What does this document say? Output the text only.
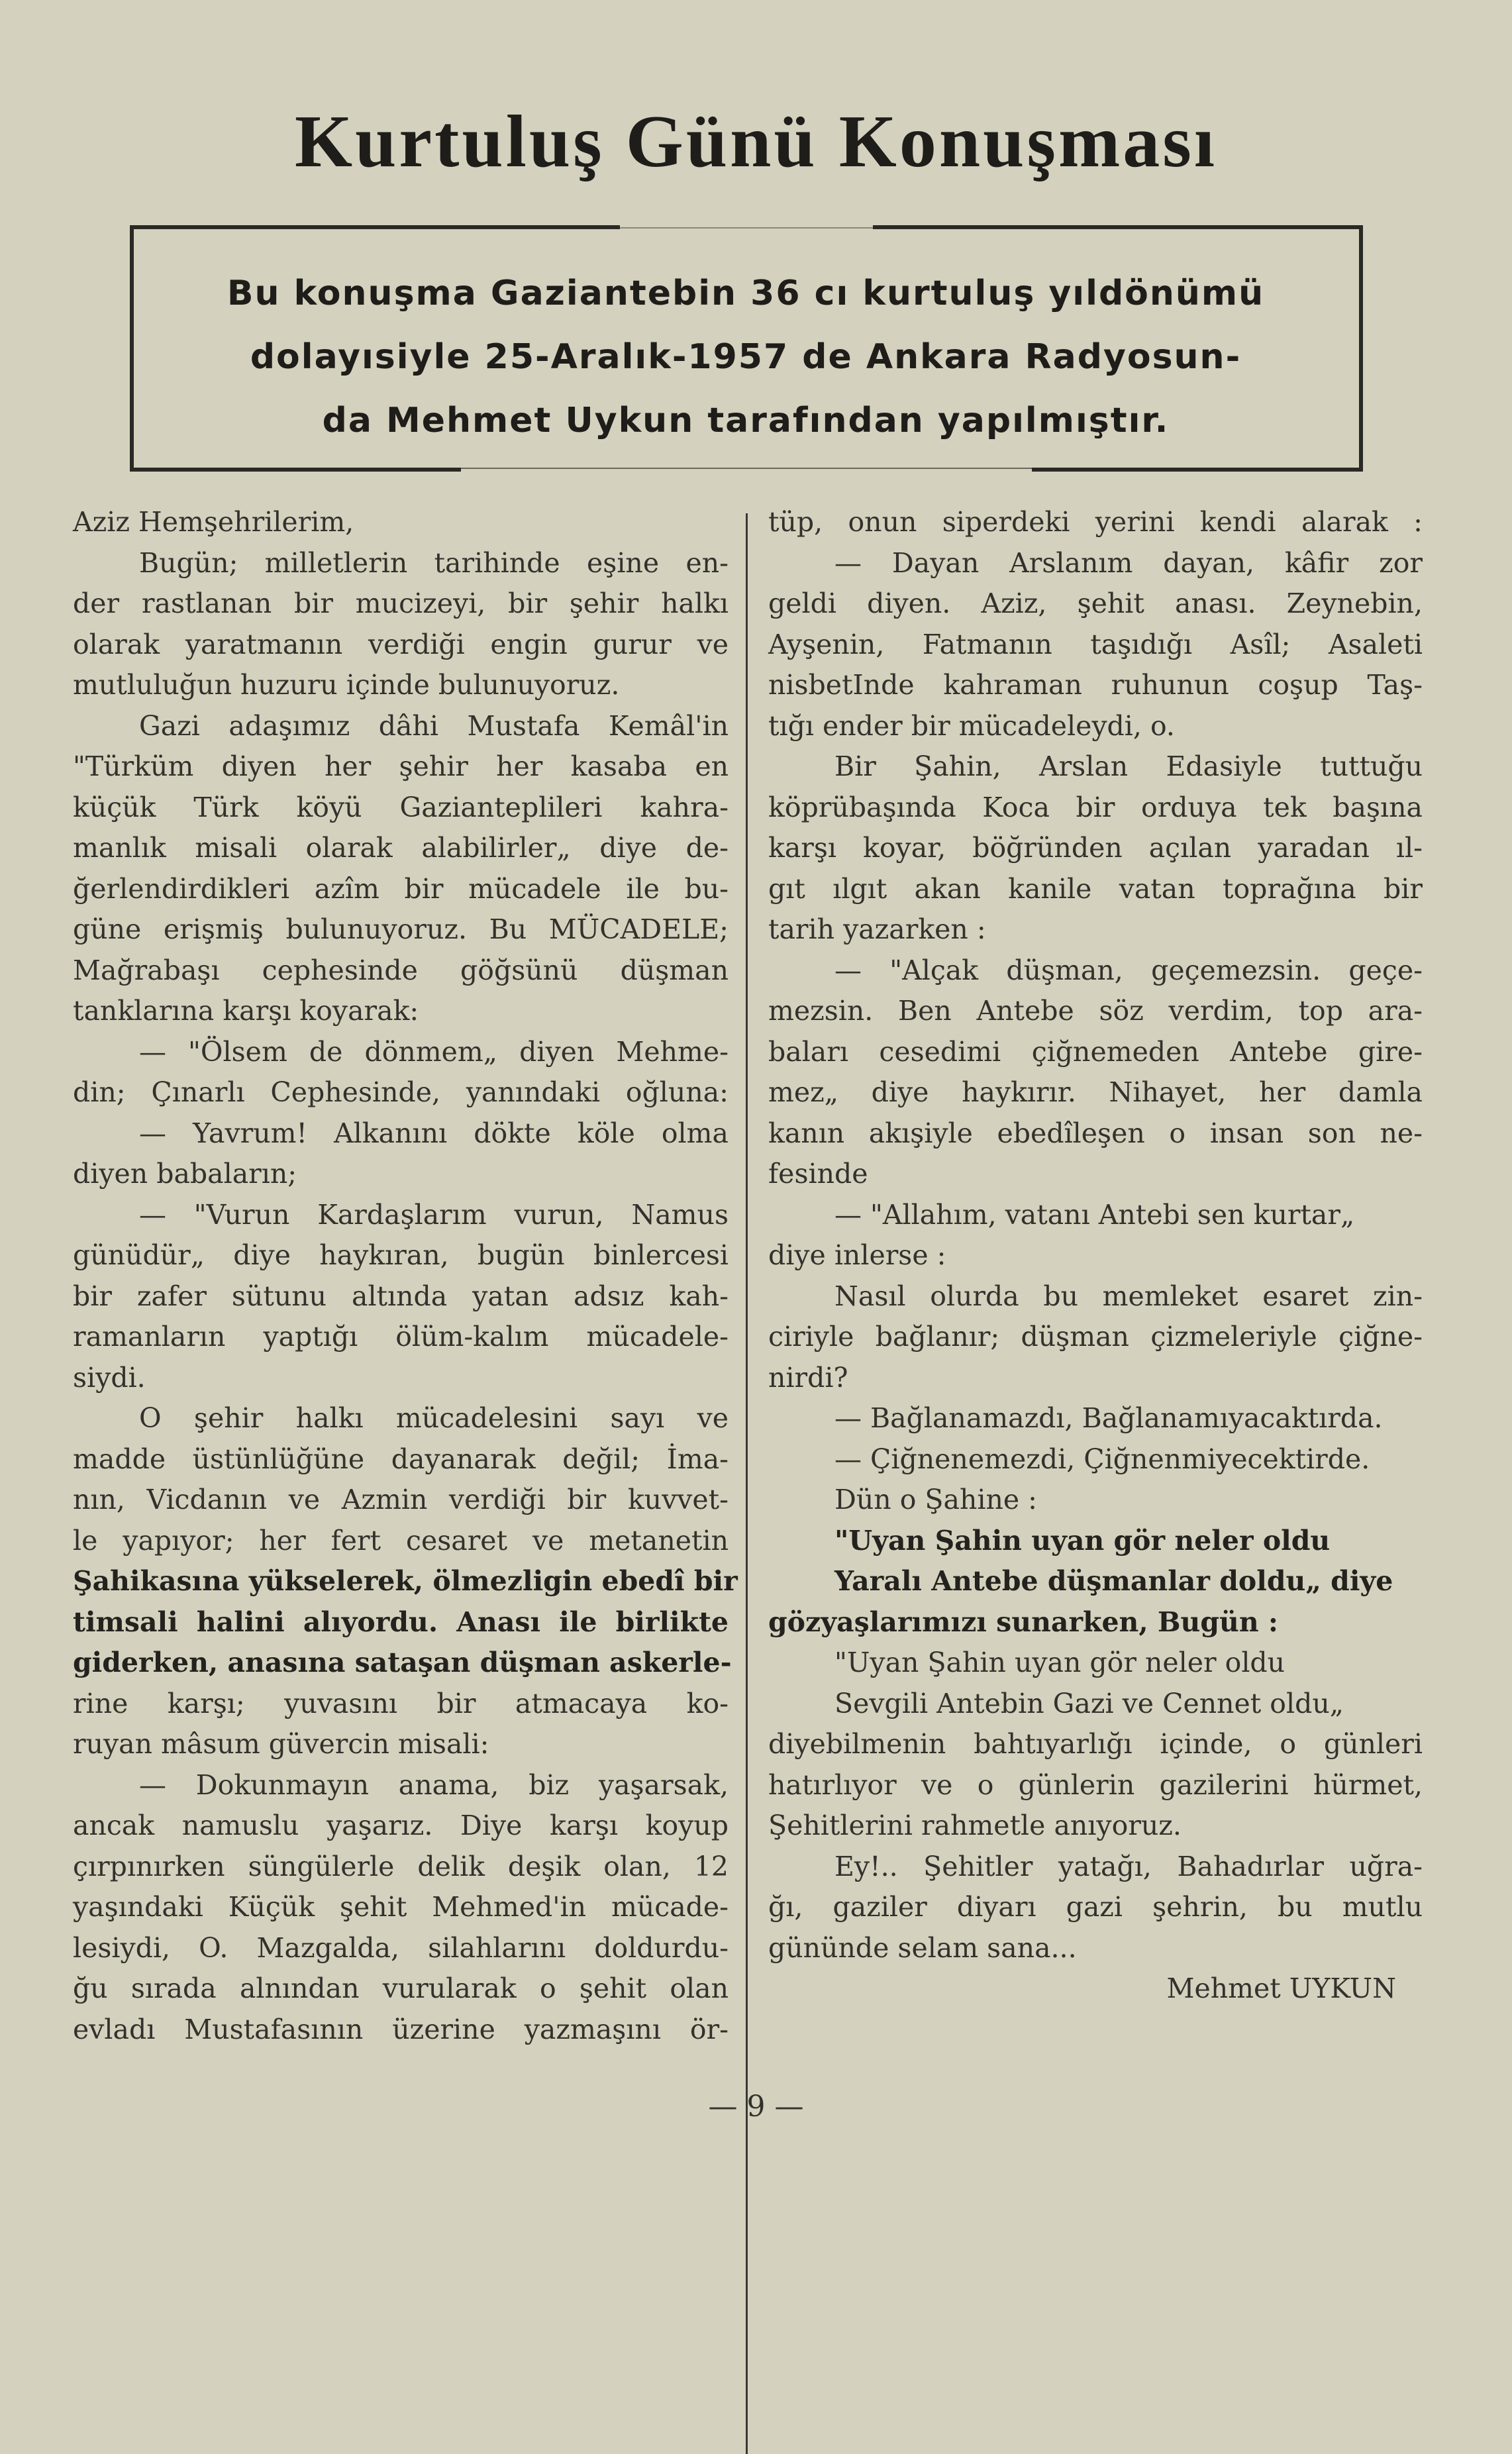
Kurtuluş Günü Konuşması
Bu konuşma Gaziantebin 36 cı kurtuluş yıldönümü
dolayısiyle 25-Aralık-1957 de Ankara Radyosun-
da Mehmet Uykun tarafından yapılmıştır.
Aziz Hemşehrilerim,
Bugün; milletlerin tarihinde eşine en-
der rastlanan bir mucizeyi, bir şehir halkı
olarak yaratmanın verdiği engin gurur ve
mutluluğun huzuru içinde bulunuyoruz.
Gazi adaşımız dâhi Mustafa Kemâl'in
"Türküm diyen her şehir her kasaba en
küçük Türk köyü Gaziantеplileri kahra-
manlık misali olarak alabilirler„ diye de-
ğerlendirdikleri azîm bir mücadele ile bu-
güne erişmiş bulunuyoruz. Bu MÜCADELE;
Mağrabaşı cephesinde göğsünü düşman
tanklarına karşı koyarak:
— "Ölsem de dönmem„ diyen Mehme-
din; Çınarlı Cephesinde, yanındaki oğluna:
— Yavrum! Alkanını dökte köle olma
diyen babaların;
— "Vurun Kardaşlarım vurun, Namus
günüdür„ diye haykıran, bugün binlercesi
bir zafer sütunu altında yatan adsız kah-
ramanların yaptığı ölüm-kalım mücadele-
siydi.
O şehir halkı mücadelesini sayı ve
madde üstünlüğüne dayanarak değil; İma-
nın, Vicdanın ve Azmin verdiği bir kuvvet-
le yapıyor; her fert cesaret ve metanetin
Şahikasına yükselerek, ölmezligin ebedî bir
timsali halini alıyordu. Anası ile birlikte
giderken, anasına sataşan düşman askerle-
rine karşı; yuvasını bir atmacaya ko-
ruyan mâsum güvercin misali:
— Dokunmayın anama, biz yaşarsak,
ancak namuslu yaşarız. Diye karşı koyup
çırpınırken süngülerle delik deşik olan, 12
yaşındaki Küçük şehit Mehmed'in mücade-
lesiydi, O. Mazgalda, silahlarını doldurdu-
ğu sırada alnından vurularak o şehit olan
evladı Mustafasının üzerine yazmaşını ör-
tüp, onun siperdeki yerini kendi alarak :
— Dayan Arslanım dayan, kâfir zor
geldi diyen. Aziz, şehit anası. Zeynebin,
Ayşenin, Fatmanın taşıdığı Asîl; Asaleti
nisbetInde kahraman ruhunun coşup Taş-
tığı ender bir mücadeleydi, o.
Bir Şahin, Arslan Edasiyle tuttuğu
köprübaşında Koca bir orduya tek başına
karşı koyar, böğründen açılan yaradan ıl-
gıt ılgıt akan kanile vatan toprağına bir
tarih yazarken :
— "Alçak düşman, geçemezsin. geçe-
mezsin. Ben Antebe söz verdim, top ara-
baları cesedimi çiğnemeden Antebe gire-
mez„ diye haykırır. Nihayet, her damla
kanın akışiyle ebedîleşen o insan son ne-
fesinde
— "Allahım, vatanı Antebi sen kurtar„
diye inlerse :
Nasıl olurda bu memleket esaret zin-
ciriyle bağlanır; düşman çizmeleriyle çiğne-
nirdi?
— Bağlanamazdı, Bağlanamıyacaktırda.
— Çiğnenemezdi, Çiğnenmiyecektirde.
Dün o Şahine :
"Uyan Şahin uyan gör neler oldu
Yaralı Antebe düşmanlar doldu„ diye
gözyaşlarımızı sunarken, Bugün :
"Uyan Şahin uyan gör neler oldu
Sevgili Antebin Gazi ve Cennet oldu„
diyebilmenin bahtıyarlığı içinde, o günleri
hatırlıyor ve o günlerin gazilerini hürmet,
Şehitlerini rahmetle anıyoruz.
Ey!.. Şehitler yatağı, Bahadırlar uğra-
ğı, gaziler diyarı gazi şehrin, bu mutlu
gününde selam sana...
Mehmet UYKUN
— 9 —
